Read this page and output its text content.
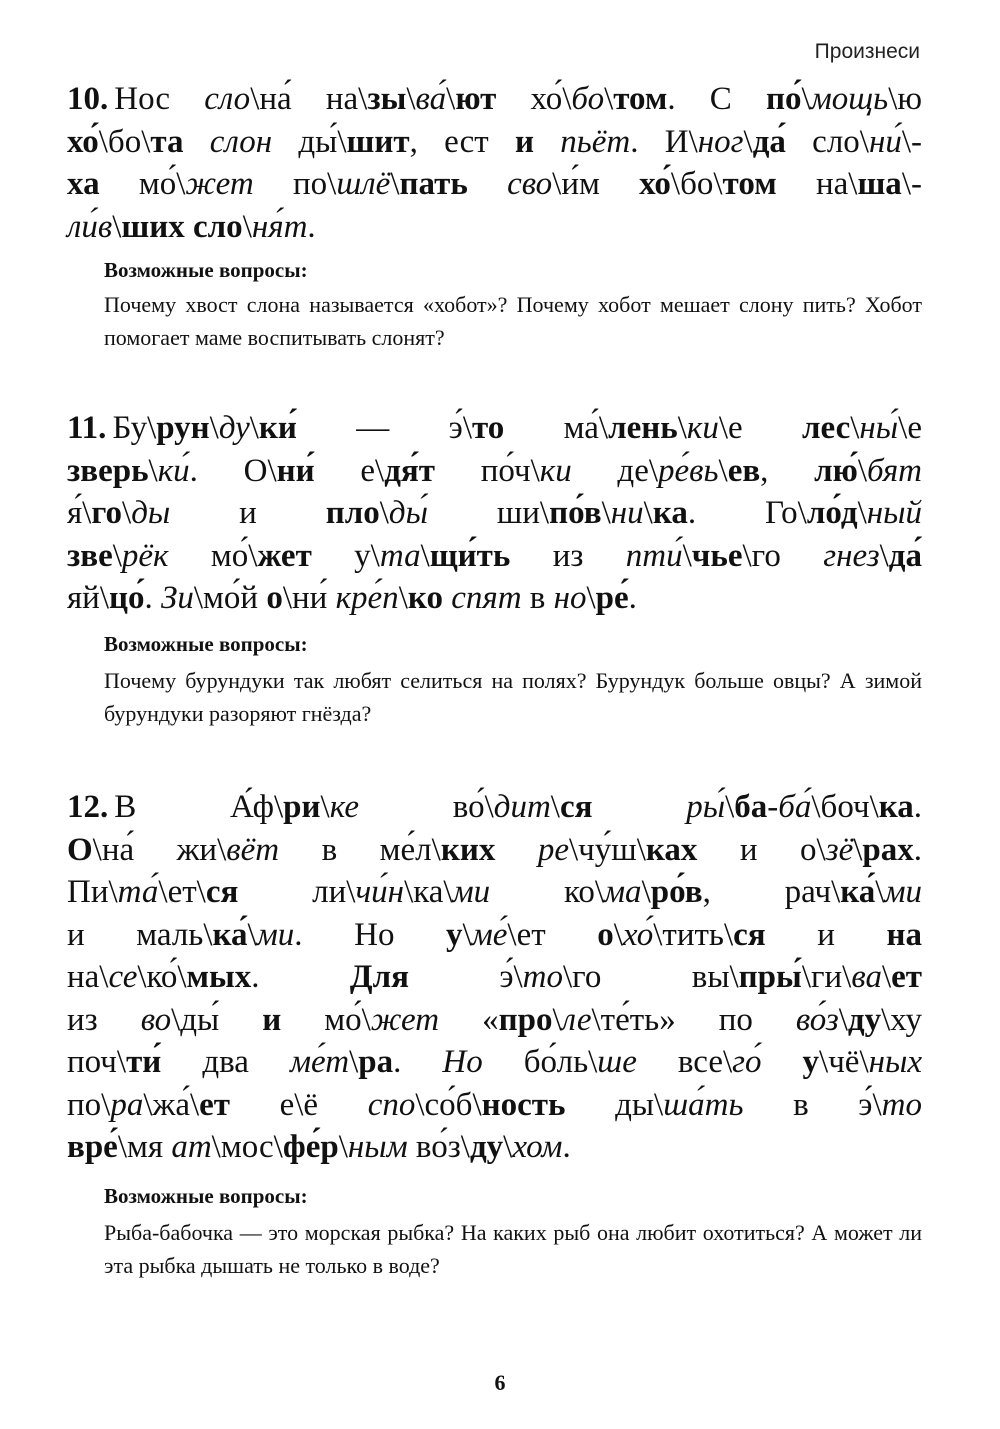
Произнеси
10. Нос сло\на́ на\зы\ва́\ют хо́\бо\том. С по́\мощь\ю
хо́\бо\та слон ды́\шит, ест и пьёт. И\ног\да́ сло\ни́\-
ха мо́\жет по\шлё\пать сво\и́м хо́\бо\том на\ша\-
ли́в\ших сло\ня́т.
Возможные вопросы:
Почему хвост слона называется «хобот»? Почему хобот мешает слону пить? Хобот помогает маме воспитывать слонят?
11. Бу\рун\ду\ки́ — э́\то ма́\лень\ки\е лес\ны́\е
зверь\ки́. О\ни́ е\дя́т по́ч\ки де\ре́вь\ев, лю́\бят
я́\го\ды и пло\ды́ ши\по́в\ни\ка. Го\ло́д\ный
зве\рёк мо́\жет у\та\щи́ть из пти́\чье\го гнез\да́
яй\цо́. Зи\мо́й о\ни́ кре́п\ко спят в но\ре́.
Возможные вопросы:
Почему бурундуки так любят селиться на полях? Бурундук больше овцы? А зимой бурундуки разоряют гнёзда?
12. В А́ф\ри\ке во́\дит\ся	ры́\ба-ба́\боч\ка.
О\на́ жи\вёт в ме́л\ких ре\чу́ш\ках и о\зё\рах.
Пи\та́\ет\ся ли\чи́н\ка\ми ко\ма\ро́в, рач\ка́\ми
и маль\ка́\ми. Но у\ме́\ет о\хо́\тить\ся и на
на\се\ко́\мых. Для э́\то\го вы\пры́\ги\ва\ет
из во\ды́ и мо́\жет «про\ле\те́ть» по во́з\ду\ху
поч\ти́ два ме́т\ра. Но бо́ль\ше все\го́ у\чё\ных
по\ра\жа́\ет е\ё спо\со́б\ность ды\ша́ть в э́\то
вре́\мя ат\мос\фе́р\ным во́з\ду\хом.
Возможные вопросы:
Рыба-бабочка — это морская рыбка? На каких рыб она любит охотиться? А может ли эта рыбка дышать не только в воде?
6
